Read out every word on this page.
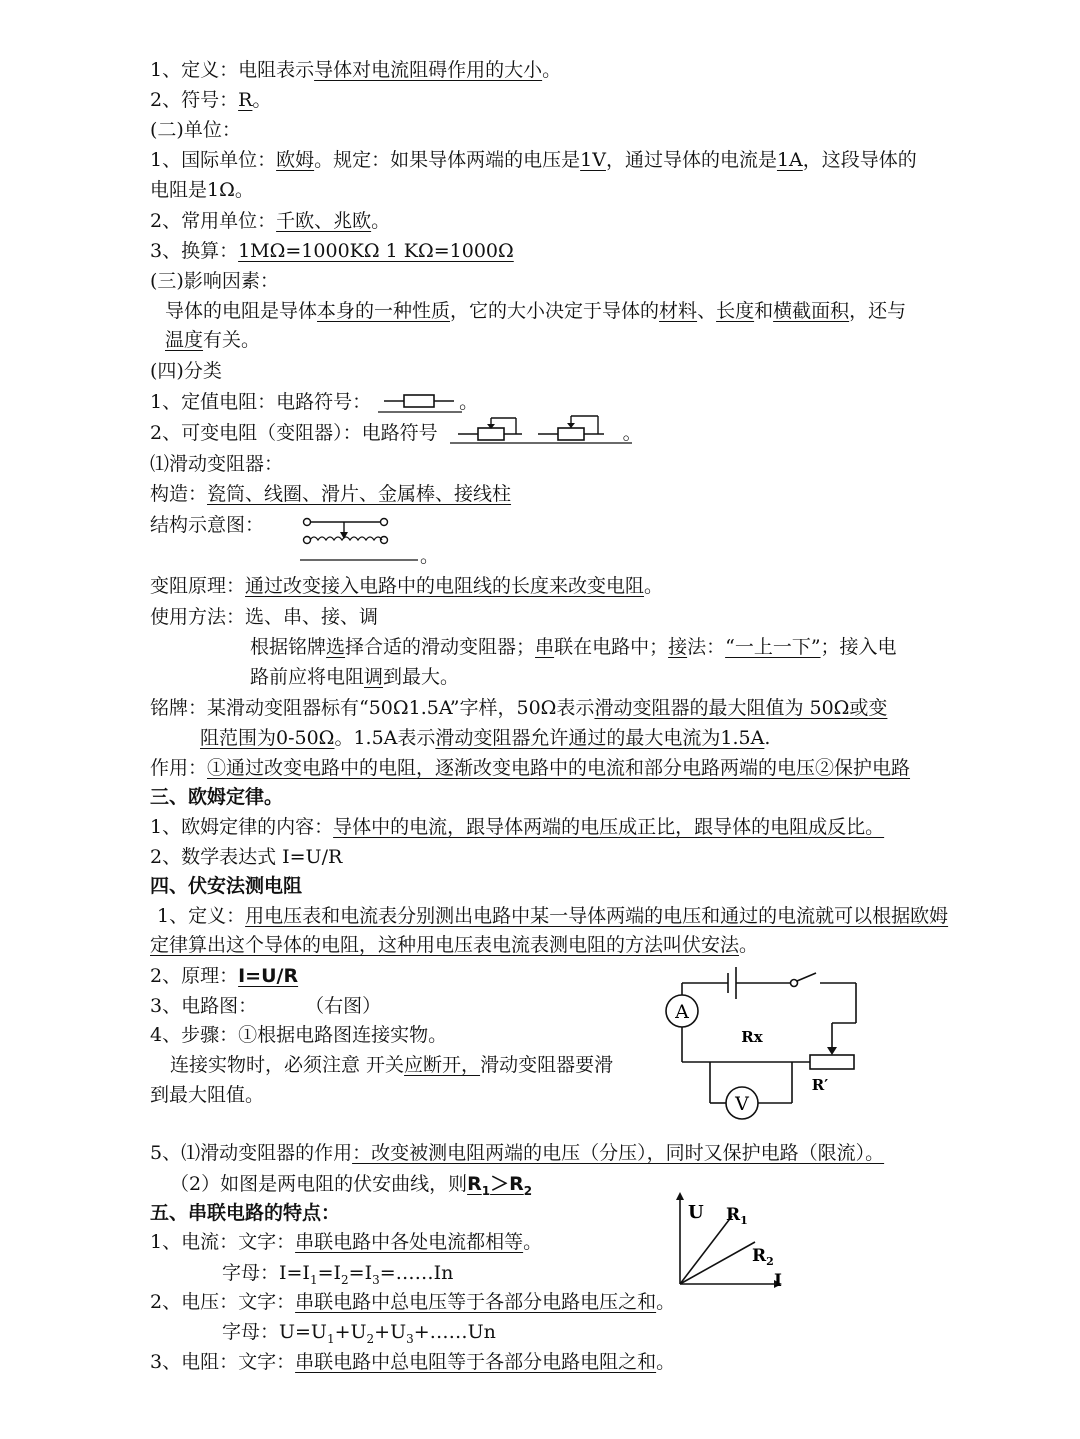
1、定义：电阻表示导体对电流阻碍作用的大小。
2、符号：R。
(二)单位：
1、国际单位：欧姆。规定：如果导体两端的电压是1V，通过导体的电流是1A，这段导体的
电阻是1Ω。
2、常用单位：千欧、兆欧。
3、换算：1MΩ=1000KΩ 1 KΩ=1000Ω
(三)影响因素：
导体的电阻是导体本身的一种性质，它的大小决定于导体的材料、长度和横截面积，还与
温度有关。
(四)分类
1、定值电阻：电路符号：	。
2、可变电阻（变阻器）：电路符号	。
⑴滑动变阻器：
构造：瓷筒、线圈、滑片、金属棒、接线柱
结构示意图：
。
变阻原理：通过改变接入电路中的电阻线的长度来改变电阻。
使用方法：选、串、接、调
根据铭牌选择合适的滑动变阻器；串联在电路中；接法：“一上一下”；接入电
路前应将电阻调到最大。
铭牌：某滑动变阻器标有“50Ω1.5A”字样，50Ω表示滑动变阻器的最大阻值为 50Ω或变
阻范围为0-50Ω。1.5A表示滑动变阻器允许通过的最大电流为1.5A.
作用：①通过改变电路中的电阻，逐渐改变电路中的电流和部分电路两端的电压②保护电路
三、欧姆定律。
1、欧姆定律的内容：导体中的电流，跟导体两端的电压成正比，跟导体的电阻成反比。
2、数学表达式 I=U/R
四、伏安法测电阻
1、定义：用电压表和电流表分别测出电路中某一导体两端的电压和通过的电流就可以根据欧姆
定律算出这个导体的电阻，这种用电压表电流表测电阻的方法叫伏安法。
2、原理：I=U/R
3、电路图：	（右图）
4、步骤：①根据电路图连接实物。
连接实物时，必须注意 开关应断开，滑动变阻器要滑
到最大阻值。
A
V
Rx
R′
5、⑴滑动变阻器的作用：改变被测电阻两端的电压（分压），同时又保护电路（限流）。
（2）如图是两电阻的伏安曲线，则$R_1>R_2$
五、串联电路的特点：	U
I
$R_1$
$R_2$
1、电流：文字：串联电路中各处电流都相等。
字母：$I=I_1=I_2=I_3=\dots\dots In$
2、电压：文字：串联电路中总电压等于各部分电路电压之和。
字母：$U=U_1+U_2+U_3+\dots\dots Un$
3、电阻：文字：串联电路中总电阻等于各部分电路电阻之和。
